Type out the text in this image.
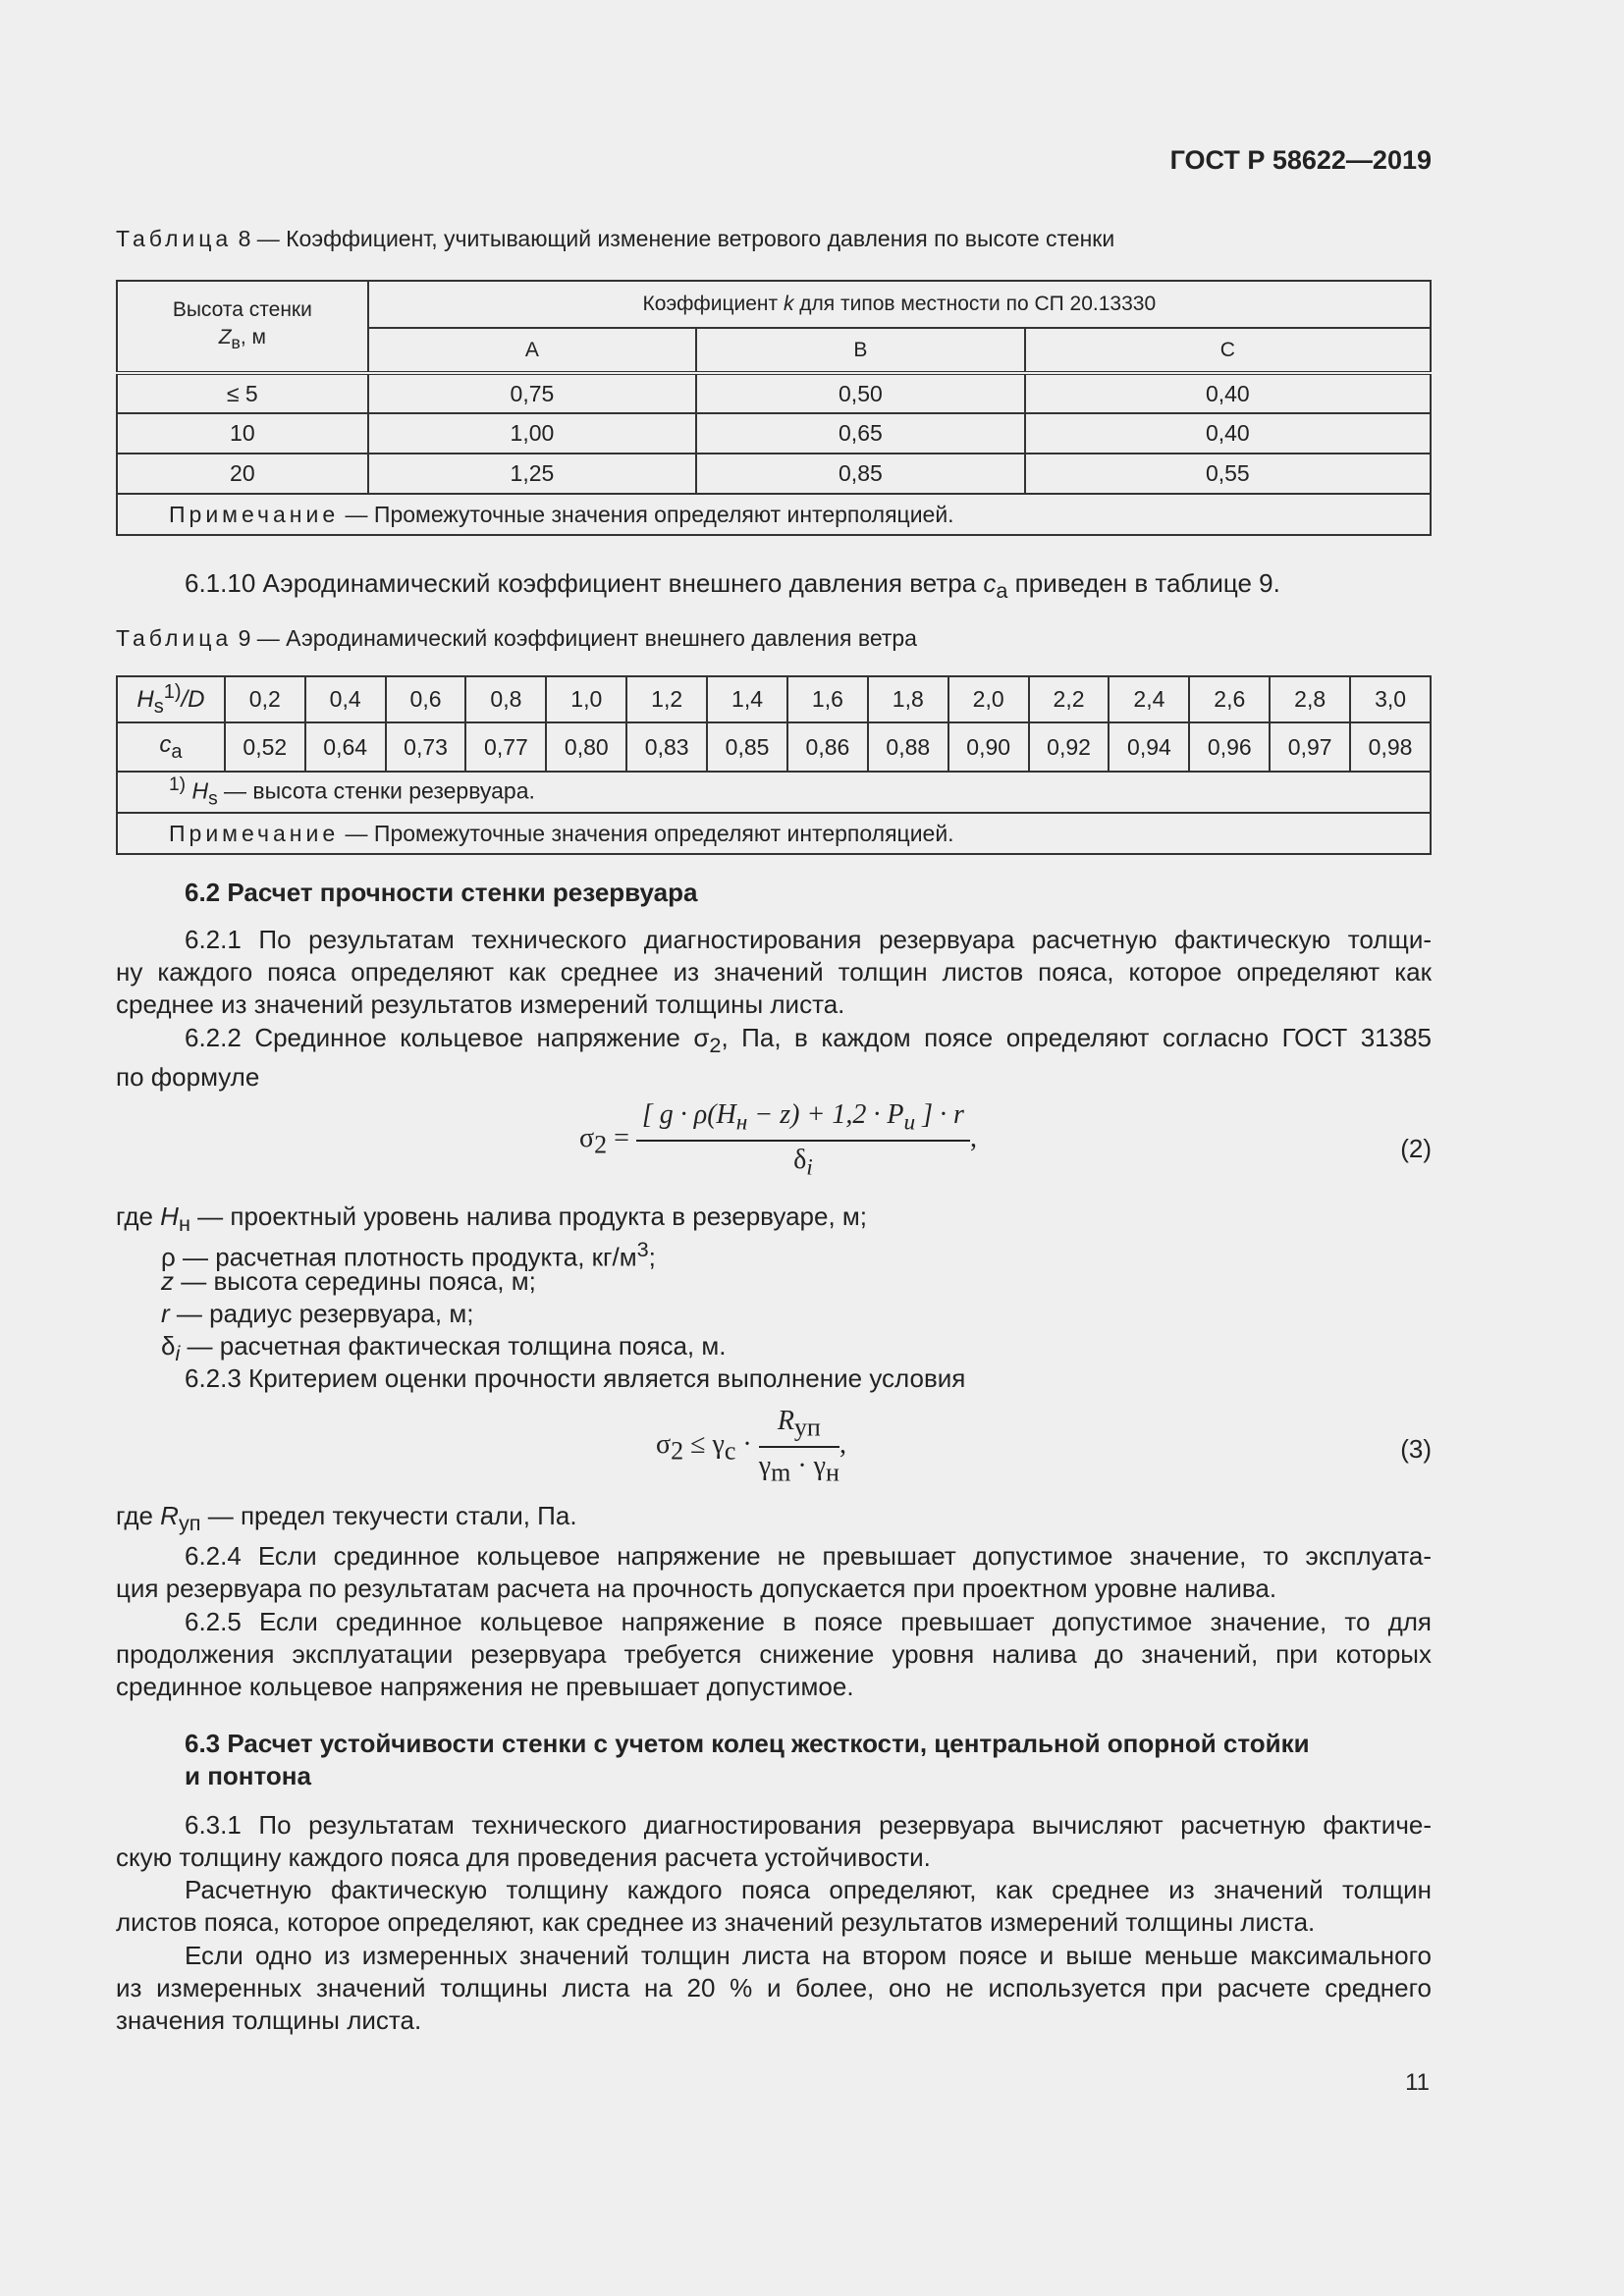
ГОСТ Р 58622—2019
Таблица 8 — Коэффициент, учитывающий изменение ветрового давления по высоте стенки
Высота стенки
$Z_в$, м	Коэффициент k для типов местности по СП 20.13330		
	А	В	С
≤ 5	0,75	0,50	0,40
10	1,00	0,65	0,40
20	1,25	0,85	0,55
Примечание — Промежуточные значения определяют интерполяцией.			
6.1.10 Аэродинамический коэффициент внешнего давления ветра $c_a$ приведен в таблице 9.
Таблица 9 — Аэродинамический коэффициент внешнего давления ветра
$H_s^{1)}/D$	0,2	0,4	0,6	0,8	1,0	1,2	1,4	1,6	1,8	2,0	2,2	2,4	2,6	2,8	3,0
$c_a$	0,52	0,64	0,73	0,77	0,80	0,83	0,85	0,86	0,88	0,90	0,92	0,94	0,96	0,97	0,98
$^{1)}$ $H_s$ — высота стенки резервуара.															
Примечание — Промежуточные значения определяют интерполяцией.															
6.2 Расчет прочности стенки резервуара
6.2.1 По результатам технического диагностирования резервуара расчетную фактическую толщи-
ну каждого пояса определяют как среднее из значений толщин листов пояса, которое определяют как
среднее из значений результатов измерений толщины листа.
6.2.2 Срединное кольцевое напряжение $\sigma_2$, Па, в каждом поясе определяют согласно ГОСТ 31385
по формуле
$\sigma_2 = \frac{[ g \cdot \rho(H_н - z) + 1,2 \cdot P_u ] \cdot r}{\delta_i}$ ,	(2)
где $H_н$ — проектный уровень налива продукта в резервуаре, м;
ρ — расчетная плотность продукта, $кг/м^3$;
z — высота середины пояса, м;
r — радиус резервуара, м;
$\delta_i$ — расчетная фактическая толщина пояса, м.
6.2.3 Критерием оценки прочности является выполнение условия
$\sigma_2 \le \gamma_c \cdot \frac{R_{уп}}{\gamma_m \cdot \gamma_н}$ ,	(3)
где $R_{уп}$ — предел текучести стали, Па.
6.2.4 Если срединное кольцевое напряжение не превышает допустимое значение, то эксплуата-
ция резервуара по результатам расчета на прочность допускается при проектном уровне налива.
6.2.5 Если срединное кольцевое напряжение в поясе превышает допустимое значение, то для
продолжения эксплуатации резервуара требуется снижение уровня налива до значений, при которых
срединное кольцевое напряжения не превышает допустимое.
6.3 Расчет устойчивости стенки с учетом колец жесткости, центральной опорной стойки
и понтона
6.3.1 По результатам технического диагностирования резервуара вычисляют расчетную фактиче-
скую толщину каждого пояса для проведения расчета устойчивости.
Расчетную фактическую толщину каждого пояса определяют, как среднее из значений толщин
листов пояса, которое определяют, как среднее из значений результатов измерений толщины листа.
Если одно из измеренных значений толщин листа на втором поясе и выше меньше максимального
из измеренных значений толщины листа на 20 % и более, оно не используется при расчете среднего
значения толщины листа.
11
